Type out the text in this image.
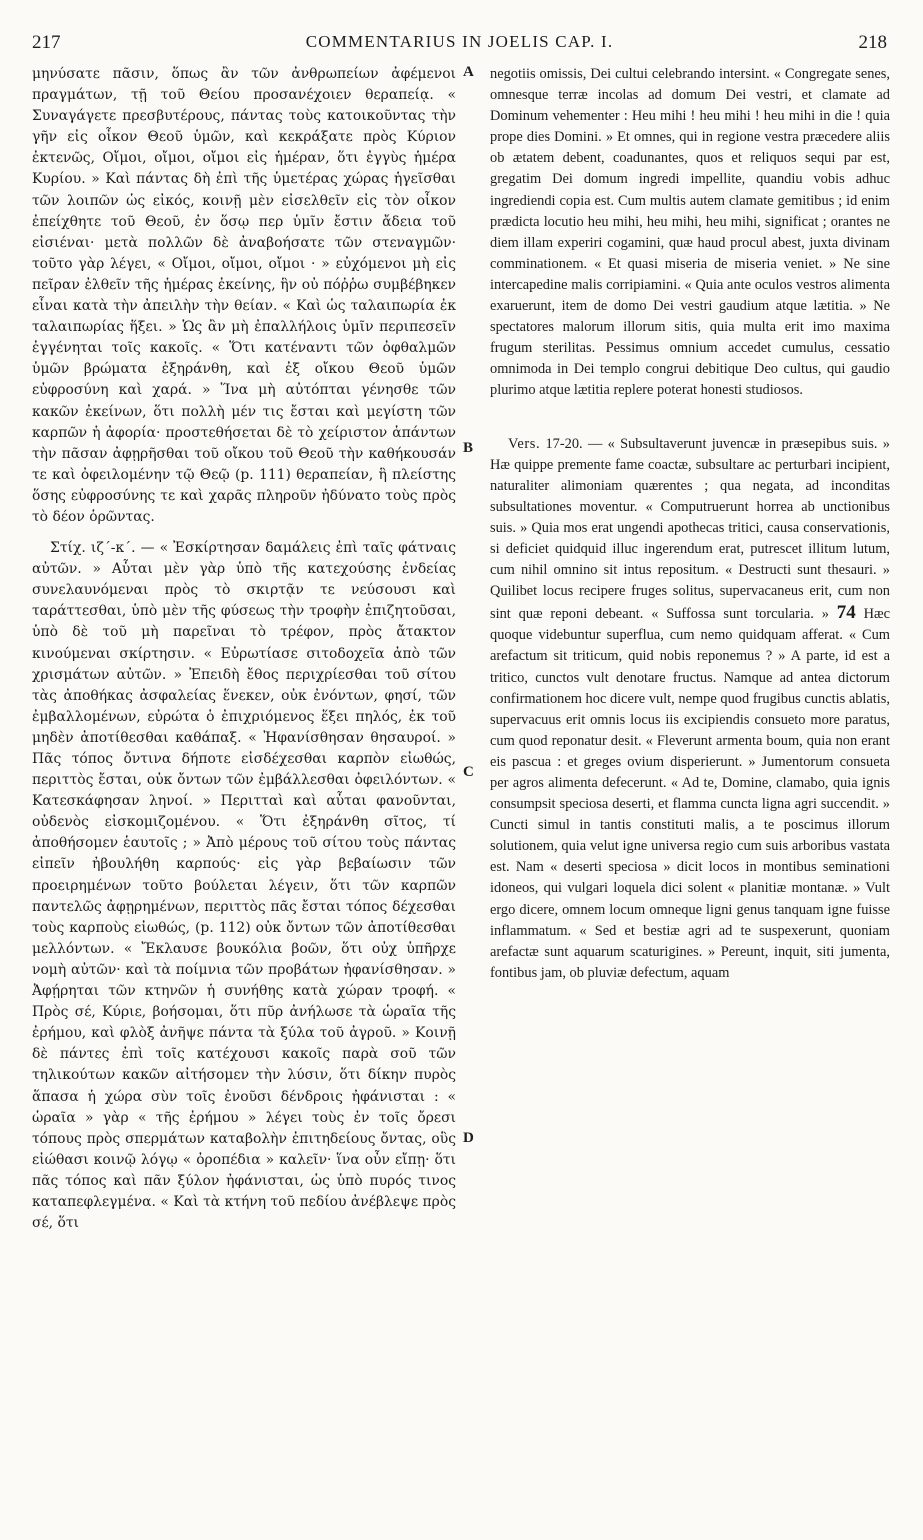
217	COMMENTARIUS IN JOELIS CAP. I.	218

μηνύσατε πᾶσιν, ὅπως ἂν τῶν ἀνθρωπείων ἀφέμενοι πραγμάτων, τῇ τοῦ Θείου προσανέχοιεν θεραπείᾳ. « Συναγάγετε πρεσβυτέρους, πάντας τοὺς κατοικοῦντας τὴν γῆν εἰς οἶκον Θεοῦ ὑμῶν, καὶ κεκράξατε πρὸς Κύριον ἐκτενῶς, Οἴμοι, οἴμοι, οἴμοι εἰς ἡμέραν, ὅτι ἐγγὺς ἡμέρα Κυρίου. » Καὶ πάντας δὴ ἐπὶ τῆς ὑμετέρας χώρας ἡγεῖσθαι τῶν λοιπῶν ὡς εἰκός, κοινῇ μὲν εἰσελθεῖν εἰς τὸν οἶκον ἐπείχθητε τοῦ Θεοῦ, ἐν ὅσῳ περ ὑμῖν ἔστιν ἄδεια τοῦ εἰσιέναι· μετὰ πολλῶν δὲ ἀναβοήσατε τῶν στεναγμῶν· τοῦτο γὰρ λέγει, « Οἴμοι, οἴμοι, οἴμοι · » εὐχόμενοι μὴ εἰς πεῖραν ἐλθεῖν τῆς ἡμέρας ἐκείνης, ἣν οὐ πόῤῥω συμβέβηκεν εἶναι κατὰ τὴν ἀπειλὴν τὴν θείαν. « Καὶ ὡς ταλαιπωρία ἐκ ταλαιπωρίας ἥξει. » Ὡς ἂν μὴ ἐπαλλήλοις ὑμῖν περιπεσεῖν ἐγγένηται τοῖς κακοῖς. « Ὅτι κατέναντι τῶν ὀφθαλμῶν ὑμῶν βρώματα ἐξηράνθη, καὶ ἐξ οἴκου Θεοῦ ὑμῶν εὐφροσύνη καὶ χαρά. » Ἵνα μὴ αὐτόπται γένησθε τῶν κακῶν ἐκείνων, ὅτι πολλὴ μέν τις ἔσται καὶ μεγίστη τῶν καρπῶν ἡ ἀφορία· προστεθήσεται δὲ τὸ χείριστον ἁπάντων τὴν πᾶσαν ἀφῃρῆσθαι τοῦ οἴκου τοῦ Θεοῦ τὴν καθήκουσάν τε καὶ ὀφειλομένην τῷ Θεῷ (p. 111) θεραπείαν, ἣ πλείστης ὅσης εὐφροσύνης τε καὶ χαρᾶς πληροῦν ἠδύνατο τοὺς πρὸς τὸ δέον ὁρῶντας.

Στίχ. ιζ΄-κ΄. — « Ἐσκίρτησαν δαμάλεις ἐπὶ ταῖς φάτναις αὐτῶν. » Αὗται μὲν γὰρ ὑπὸ τῆς κατεχούσης ἐνδείας συνελαυνόμεναι πρὸς τὸ σκιρτᾷν τε νεύσουσι καὶ ταράττεσθαι, ὑπὸ μὲν τῆς φύσεως τὴν τροφὴν ἐπιζητοῦσαι, ὑπὸ δὲ τοῦ μὴ παρεῖναι τὸ τρέφον, πρὸς ἄτακτον κινούμεναι σκίρτησιν. « Εὐρωτίασε σιτοδοχεῖα ἀπὸ τῶν χρισμάτων αὐτῶν. » Ἐπειδὴ ἔθος περιχρίεσθαι τοῦ σίτου τὰς ἀποθήκας ἀσφαλείας ἕνεκεν, οὐκ ἐνόντων, φησί, τῶν ἐμβαλλομένων, εὐρώτα ὁ ἐπιχριόμενος ἕξει πηλός, ἐκ τοῦ μηδὲν ἀποτίθεσθαι καθάπαξ. « Ἠφανίσθησαν θησαυροί. » Πᾶς τόπος ὄντινα δήποτε εἰσδέχεσθαι καρπὸν εἰωθώς, περιττὸς ἔσται, οὐκ ὄντων τῶν ἐμβάλλεσθαι ὀφειλόντων. « Κατεσκάφησαν ληνοί. » Περιτταὶ καὶ αὗται φανοῦνται, οὐδενὸς εἰσκομιζομένου. « Ὅτι ἐξηράνθη σῖτος, τί ἀποθήσομεν ἑαυτοῖς ; » Ἀπὸ μέρους τοῦ σίτου τοὺς πάντας εἰπεῖν ἠβουλήθη καρπούς· εἰς γὰρ βεβαίωσιν τῶν προειρημένων τοῦτο βούλεται λέγειν, ὅτι τῶν καρπῶν παντελῶς ἀφῃρημένων, περιττὸς πᾶς ἔσται τόπος δέχεσθαι τοὺς καρποὺς εἰωθώς, (p. 112) οὐκ ὄντων τῶν ἀποτίθεσθαι μελλόντων. « Ἔκλαυσε βουκόλια βοῶν, ὅτι οὐχ ὑπῆρχε νομὴ αὐτῶν· καὶ τὰ ποίμνια τῶν προβάτων ἠφανίσθησαν. » Ἀφῄρηται τῶν κτηνῶν ἡ συνήθης κατὰ χώραν τροφή. « Πρὸς σέ, Κύριε, βοήσομαι, ὅτι πῦρ ἀνήλωσε τὰ ὡραῖα τῆς ἐρήμου, καὶ φλὸξ ἀνῆψε πάντα τὰ ξύλα τοῦ ἀγροῦ. » Κοινῇ δὲ πάντες ἐπὶ τοῖς κατέχουσι κακοῖς παρὰ σοῦ τῶν τηλικούτων κακῶν αἰτήσομεν τὴν λύσιν, ὅτι δίκην πυρὸς ἅπασα ἡ χώρα σὺν τοῖς ἐνοῦσι δένδροις ἠφάνισται : « ὡραῖα » γὰρ « τῆς ἐρήμου » λέγει τοὺς ἐν τοῖς ὄρεσι τόπους πρὸς σπερμάτων καταβολὴν ἐπιτηδείους ὄντας, οὓς εἰώθασι κοινῷ λόγῳ « ὀροπέδια » καλεῖν· ἵνα οὖν εἴπῃ· ὅτι πᾶς τόπος καὶ πᾶν ξύλον ἠφάνισται, ὡς ὑπὸ πυρός τινος καταπεφλεγμένα. « Καὶ τὰ κτήνη τοῦ πεδίου ἀνέβλεψε πρὸς σέ, ὅτι

A
B
C
D

negotiis omissis, Dei cultui celebrando intersint. « Congregate senes, omnesque terræ incolas ad domum Dei vestri, et clamate ad Dominum vehementer : Heu mihi ! heu mihi ! heu mihi in die ! quia prope dies Domini. » Et omnes, qui in regione vestra præcedere aliis ob ætatem debent, coadunantes, quos et reliquos sequi par est, gregatim Dei domum ingredi impellite, quandiu vobis adhuc ingrediendi copia est. Cum multis autem clamate gemitibus ; id enim prædicta locutio heu mihi, heu mihi, heu mihi, significat ; orantes ne diem illam experiri cogamini, quæ haud procul abest, juxta divinam comminationem. « Et quasi miseria de miseria veniet. » Ne sine intercapedine malis corripiamini. « Quia ante oculos vestros alimenta exaruerunt, item de domo Dei vestri gaudium atque lætitia. » Ne spectatores malorum illorum sitis, quia multa erit imo maxima frugum sterilitas. Pessimus omnium accedet cumulus, cessatio omnimoda in Dei templo congrui debitique Deo cultus, qui gaudio plurimo atque lætitia replere poterat honesti studiosos.

Vers. 17-20. — « Subsultaverunt juvencæ in præsepibus suis. » Hæ quippe premente fame coactæ, subsultare ac perturbari incipient, naturaliter alimoniam quærentes ; qua negata, ad inconditas subsultationes moventur. « Computruerunt horrea ab unctionibus suis. » Quia mos erat ungendi apothecas tritici, causa conservationis, si deficiet quidquid illuc ingerendum erat, putrescet illitum lutum, cum nihil omnino sit intus repositum. « Destructi sunt thesauri. » Quilibet locus recipere fruges solitus, supervacaneus erit, cum non sint quæ reponi debeant. « Suffossa sunt torcularia. » 74 Hæc quoque videbuntur superflua, cum nemo quidquam afferat. « Cum arefactum sit triticum, quid nobis reponemus ? » A parte, id est a tritico, cunctos vult denotare fructus. Namque ad antea dictorum confirmationem hoc dicere vult, nempe quod frugibus cunctis ablatis, supervacuus erit omnis locus iis excipiendis consueto more paratus, cum quod reponatur desit. « Fleverunt armenta boum, quia non erant eis pascua : et greges ovium disperierunt. » Jumentorum consueta per agros alimenta defecerunt. « Ad te, Domine, clamabo, quia ignis consumpsit speciosa deserti, et flamma cuncta ligna agri succendit. » Cuncti simul in tantis constituti malis, a te poscimus illorum solutionem, quia velut igne universa regio cum suis arboribus vastata est. Nam « deserti speciosa » dicit locos in montibus seminationi idoneos, qui vulgari loquela dici solent « planitiæ montanæ. » Vult ergo dicere, omnem locum omneque ligni genus tanquam igne fuisse inflammatum. « Sed et bestiæ agri ad te suspexerunt, quoniam arefactæ sunt aquarum scaturigines. » Pereunt, inquit, siti jumenta, fontibus jam, ob pluviæ defectum, aquam
